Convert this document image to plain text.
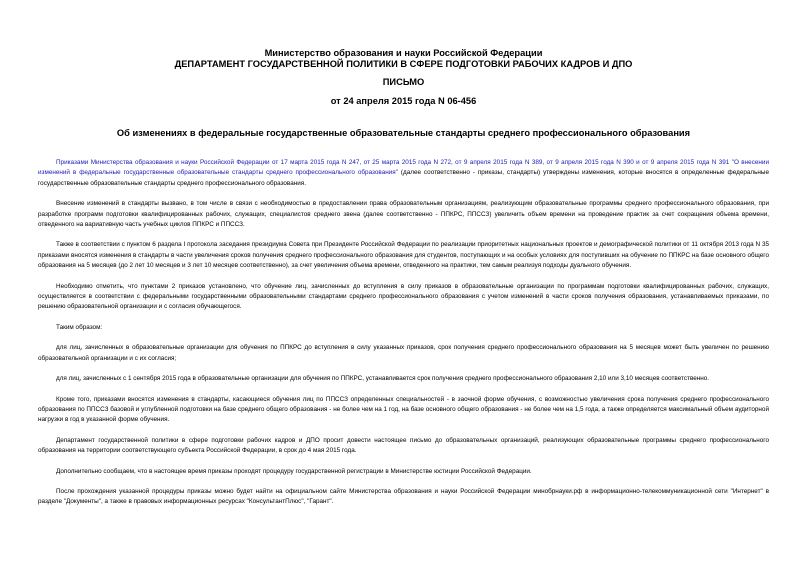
Министерство образования и науки Российской Федерации
ДЕПАРТАМЕНТ ГОСУДАРСТВЕННОЙ ПОЛИТИКИ В СФЕРЕ ПОДГОТОВКИ РАБОЧИХ КАДРОВ И ДПО
ПИСЬМО
от 24 апреля 2015 года N 06-456
Об изменениях в федеральные государственные образовательные стандарты среднего профессионального образования

Приказами Министерства образования и науки Российской Федерации от 17 марта 2015 года N 247, от 25 марта 2015 года N 272, от 9 апреля 2015 года N 389, от 9 апреля 2015 года N 390 и от 9 апреля 2015 года N 391 "О внесении изменений в федеральные государственные образовательные стандарты среднего профессионального образования" (далее соответственно - приказы, стандарты) утверждены изменения, которые вносятся в определенные федеральные государственные образовательные стандарты среднего профессионального образования.

Внесение изменений в стандарты вызвано, в том числе в связи с необходимостью в предоставлении права образовательным организациям, реализующим образовательные программы среднего профессионального образования, при разработке программ подготовки квалифицированных рабочих, служащих, специалистов среднего звена (далее соответственно - ППКРС, ППССЗ) увеличить объем времени на проведение практик за счет сокращения объема времени, отведенного на вариативную часть учебных циклов ППКРС и ППССЗ.

Также в соответствии с пунктом 6 раздела I протокола заседания президиума Совета при Президенте Российской Федерации по реализации приоритетных национальных проектов и демографической политики от 11 октября 2013 года N 35 приказами вносятся изменения в стандарты в части увеличения сроков получения среднего профессионального образования для студентов, поступающих и на особых условиях для поступивших на обучение по ППКРС на базе основного общего образования на 5 месяцев (до 2 лет 10 месяцев и 3 лет 10 месяцев соответственно), за счет увеличения объема времени, отведенного на практики, тем самым реализуя подходы дуального обучения.

Необходимо отметить, что пунктами 2 приказов установлено, что обучение лиц, зачисленных до вступления в силу приказов в образовательные организации по программам подготовки квалифицированных рабочих, служащих, осуществляется в соответствии с федеральными государственными образовательными стандартами среднего профессионального образования с учетом изменений в части сроков получения образования, устанавливаемых приказами, по решению образовательной организации и с согласия обучающегося.

Таким образом:

для лиц, зачисленных в образовательные организации для обучения по ППКРС до вступления в силу указанных приказов, срок получения среднего профессионального образования на 5 месяцев может быть увеличен по решению образовательной организации и с их согласия;

для лиц, зачисленных с 1 сентября 2015 года в образовательные организации для обучения по ППКРС, устанавливается срок получения среднего профессионального образования 2,10 или 3,10 месяцев соответственно.

Кроме того, приказами вносятся изменения в стандарты, касающиеся обучения лиц по ППССЗ определенных специальностей - в заочной форме обучения, с возможностью увеличения срока получения среднего профессионального образования по ППССЗ базовой и углубленной подготовки на базе среднего общего образования - не более чем на 1 год, на базе основного общего образования - не более чем на 1,5 года, а также определяется максимальный объем аудиторной нагрузки в год в указанной форме обучения.

Департамент государственной политики в сфере подготовки рабочих кадров и ДПО просит довести настоящее письмо до образовательных организаций, реализующих образовательные программы среднего профессионального образования на территории соответствующего субъекта Российской Федерации, в срок до 4 мая 2015 года.

Дополнительно сообщаем, что в настоящее время приказы проходят процедуру государственной регистрации в Министерстве юстиции Российской Федерации.

После прохождения указанной процедуры приказы можно будет найти на официальном сайте Министерства образования и науки Российской Федерации минобрнауки.рф в информационно-телекоммуникационной сети "Интернет" в разделе "Документы", а также в правовых информационных ресурсах "КонсультантПлюс", "Гарант".
